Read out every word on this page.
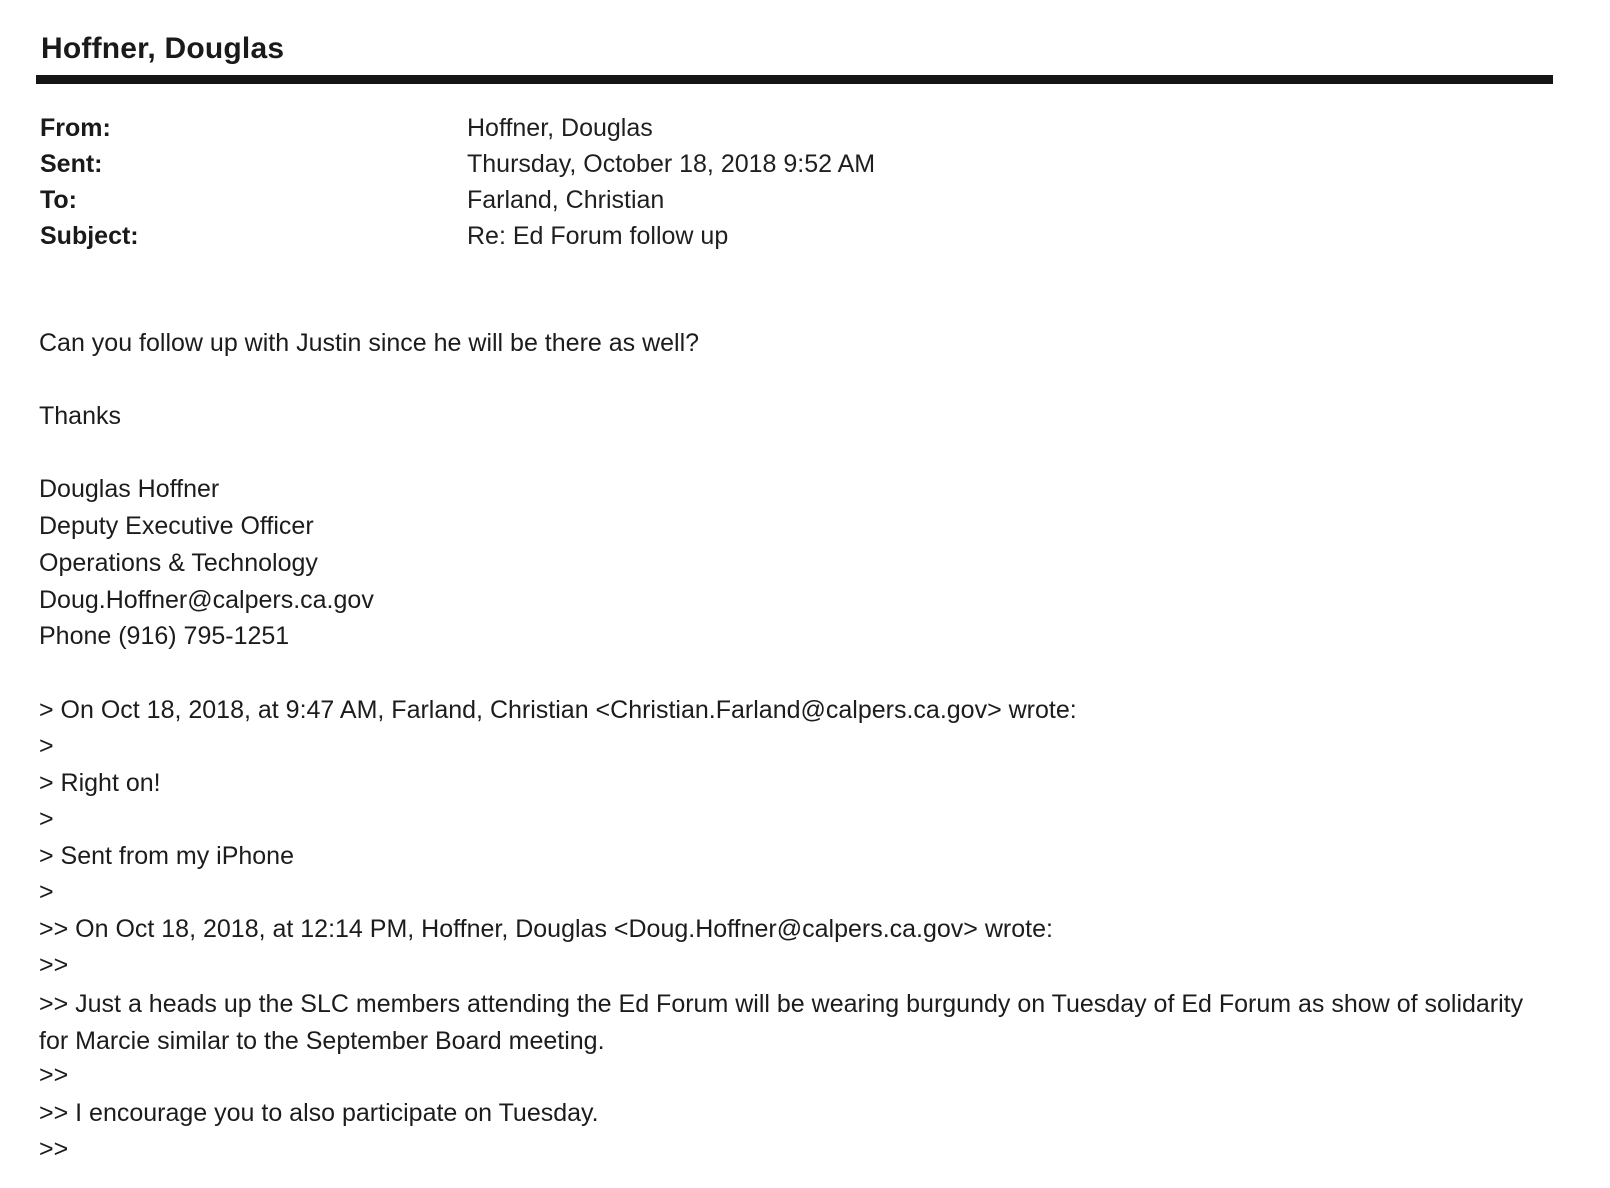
Hoffner, Douglas
From:	Hoffner, Douglas
Sent:	Thursday, October 18, 2018 9:52 AM
To:	Farland, Christian
Subject:	Re: Ed Forum follow up
Can you follow up with Justin since he will be there as well?
Thanks
Douglas Hoffner
Deputy Executive Officer
Operations & Technology
Doug.Hoffner@calpers.ca.gov
Phone (916) 795-1251
> On Oct 18, 2018, at 9:47 AM, Farland, Christian <Christian.Farland@calpers.ca.gov> wrote:
>
> Right on!
>
> Sent from my iPhone
>
>> On Oct 18, 2018, at 12:14 PM, Hoffner, Douglas <Doug.Hoffner@calpers.ca.gov> wrote:
>>
>> Just a heads up the SLC members attending the Ed Forum will be wearing burgundy on Tuesday of Ed Forum as show of solidarity for Marcie similar to the September Board meeting.
>>
>> I encourage you to also participate on Tuesday.
>>
